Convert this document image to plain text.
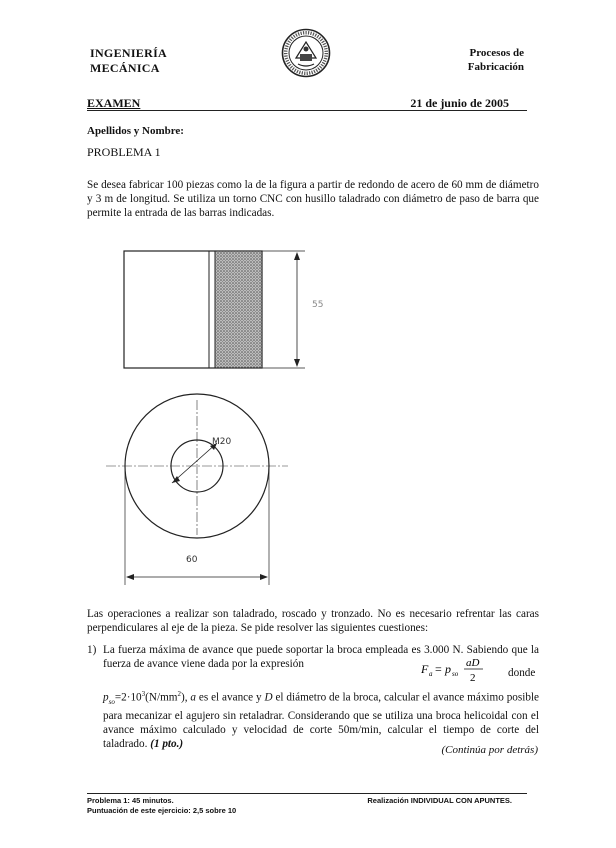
INGENIERÍA
MECÁNICA
Procesos de
Fabricación
EXAMEN	21 de junio de 2005
Apellidos y Nombre:
PROBLEMA 1
Se desea fabricar 100 piezas como la de la figura a partir de redondo de acero de 60 mm de diámetro y 3 m de longitud. Se utiliza un torno CNC con husillo taladrado con diámetro de paso de barra que permite la entrada de las barras indicadas.
55
M20
60
Las operaciones a realizar son taladrado, roscado y tronzado. No es necesario refrentar las caras perpendiculares al eje de la pieza. Se pide resolver las siguientes cuestiones:
1) La fuerza máxima de avance que puede soportar la broca empleada es 3.000 N. Sabiendo que la fuerza de avance viene dada por la expresión	F a = p so
aD
2	donde
$p_{so}=2\cdot 10^3(N/mm^2)$, a es el avance y D el diámetro de la broca, calcular el avance máximo posible para mecanizar el agujero sin retaladrar. Considerando que se utiliza una broca helicoidal con el avance máximo calculado y velocidad de corte 50m/min, calcular el tiempo de corte del taladrado. (1 pto.)
(Continúa por detrás)
Problema 1: 45 minutos.
Puntuación de este ejercicio: 2,5 sobre 10
Realización INDIVIDUAL CON APUNTES.
